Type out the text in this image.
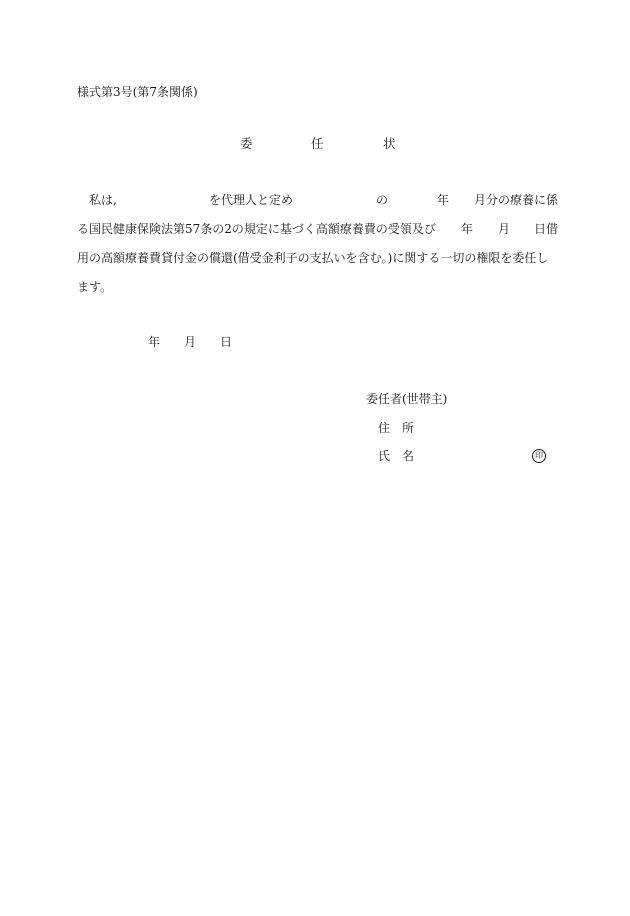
様式第3号(第7条関係)
委	任	状
私は,	を代理人と定め	の	年 月分の療養に係
る国民健康保険法第57条の2の規定に基づく高額療養費の受領及び 年 月 日借
用の高額療養費貸付金の償還(借受金利子の支払いを含む。)に関する一切の権限を委任し
ます。
年 月 日
委任者(世帯主)
住　所
氏　名	印
